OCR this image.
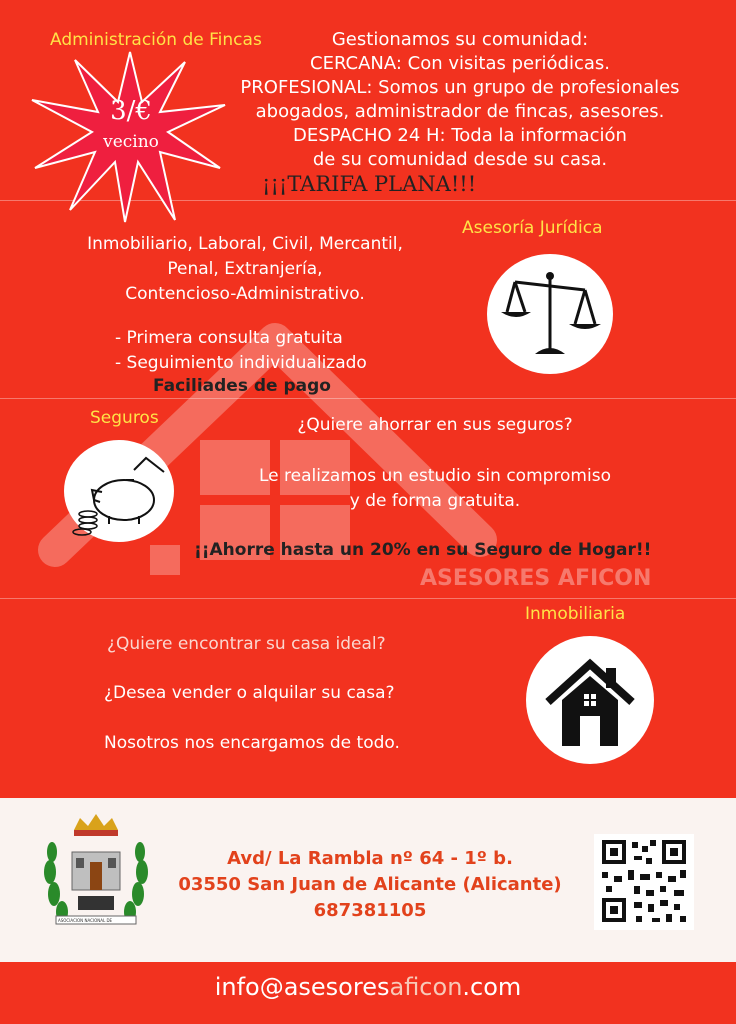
ASESORES AFICON
Administración de Fincas
3/€
vecino
Gestionamos su comunidad:
CERCANA: Con visitas periódicas.
PROFESIONAL: Somos un grupo de profesionales
abogados, administrador de fincas, asesores.
DESPACHO 24 H: Toda la información
de su comunidad desde su casa.
¡¡¡TARIFA PLANA!!!
Asesoría Jurídica
Inmobiliario, Laboral, Civil, Mercantil,
Penal, Extranjería,
Contencioso-Administrativo.
- Primera consulta gratuita
- Seguimiento individualizado
Faciliades de pago
Seguros	¿Quiere ahorrar en sus seguros?
Le realizamos un estudio sin compromiso
y de forma gratuita.
¡¡Ahorre hasta un 20% en su Seguro de Hogar!!
Inmobiliaria
¿Quiere encontrar su casa ideal?
¿Desea vender o alquilar su casa?
Nosotros nos encargamos de todo.
ASOCIACION NACIONAL DE
Avd/ La Rambla nº 64 - 1º b.
03550 San Juan de Alicante (Alicante)
687381105
info@asesoresaficon.com
